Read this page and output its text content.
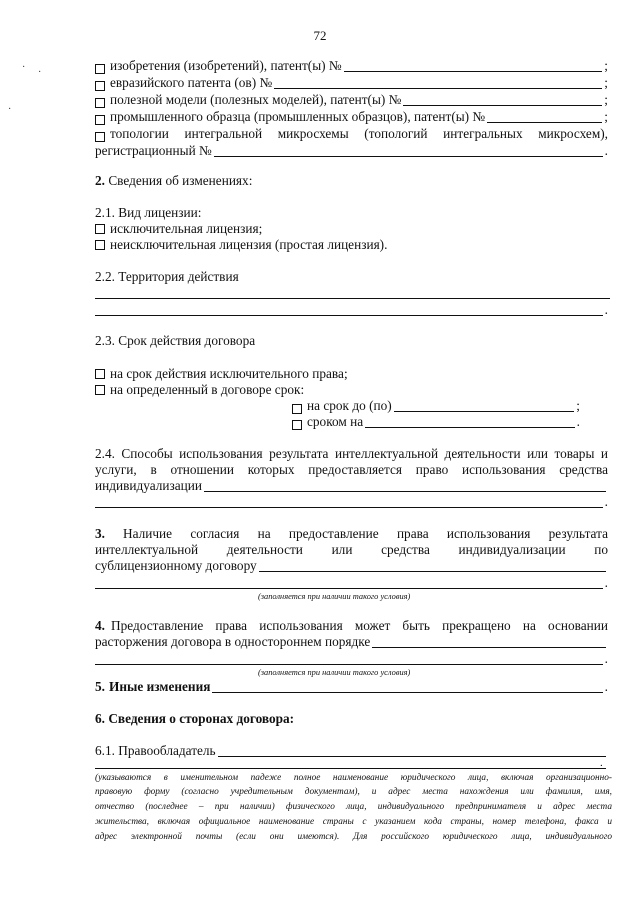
72
· ·
·
изобретения (изобретений), патент(ы) №	;
евразийского патента (ов) №	;
полезной модели (полезных моделей), патент(ы) №	;
промышленного образца (промышленных образцов), патент(ы) №	;
топологии интегральной микросхемы (топологий интегральных микросхем),
регистрационный №	.
2. Сведения об изменениях:
2.1. Вид лицензии:
исключительная лицензия;
неисключительная лицензия (простая лицензия).
2.2. Территория действия
.
2.3. Срок действия договора
на срок действия исключительного права;
на определенный в договоре срок:
на срок до (по)	;
сроком на	.
2.4. Способы использования результата интеллектуальной деятельности или товары и
услуги, в отношении которых предоставляется право использования средства
индивидуализации
.
3. Наличие согласия на предоставление права использования результата
интеллектуальной деятельности или средства индивидуализации по
сублицензионному договору
.
(заполняется при наличии такого условия)
4. Предоставление права использования может быть прекращено на основании
расторжения договора в одностороннем порядке
.
(заполняется при наличии такого условия)
5. Иные изменения	.
6. Сведения о сторонах договора:
6.1. Правообладатель
.
(указываются в именительном падеже полное наименование юридического лица, включая организационно-
правовую форму (согласно учредительным документам), и адрес места нахождения или фамилия, имя,
отчество (последнее – при наличии) физического лица, индивидуального предпринимателя и адрес места
жительства, включая официальное наименование страны с указанием кода страны, номер телефона, факса и
адрес электронной почты (если они имеются). Для российского юридического лица, индивидуального
